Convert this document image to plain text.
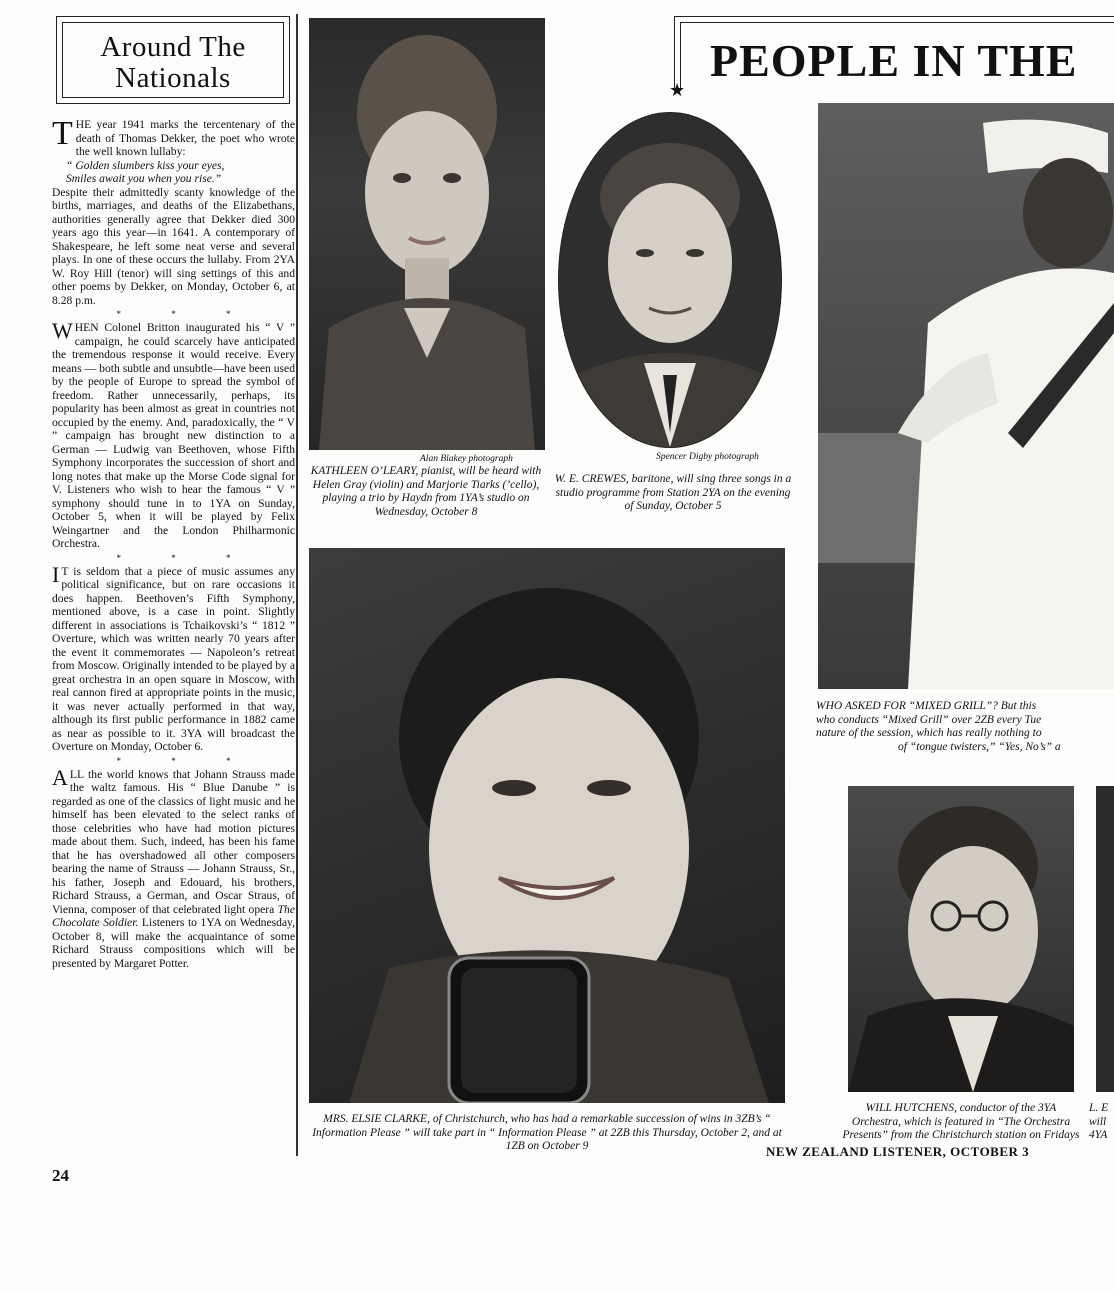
Around The
Nationals

THE year 1941 marks the tercentenary of the death of Thomas Dekker, the poet who wrote the well known lullaby:

“ Golden slumbers kiss your eyes,

Smiles await you when you rise.”

Despite their admittedly scanty knowledge of the births, marriages, and deaths of the Elizabethans, authorities generally agree that Dekker died 300 years ago this year—in 1641. A contemporary of Shakespeare, he left some neat verse and several plays. In one of these occurs the lullaby. From 2YA W. Roy Hill (tenor) will sing settings of this and other poems by Dekker, on Monday, October 6, at 8.28 p.m.

* * *

WHEN Colonel Britton inaugurated his “ V ” campaign, he could scarcely have anticipated the tremendous response it would receive. Every means — both subtle and unsubtle—have been used by the people of Europe to spread the symbol of freedom. Rather unnecessarily, perhaps, its popularity has been almost as great in countries not occupied by the enemy. And, paradoxically, the “ V ” campaign has brought new distinction to a German — Ludwig van Beethoven, whose Fifth Symphony incorporates the succession of short and long notes that make up the Morse Code signal for V. Listeners who wish to hear the famous “ V ” symphony should tune in to 1YA on Sunday, October 5, when it will be played by Felix Weingartner and the London Philharmonic Orchestra.

* * *

I T is seldom that a piece of music assumes any political significance, but on rare occasions it does happen. Beethoven’s Fifth Symphony, mentioned above, is a case in point. Slightly different in associations is Tchaikovski’s “ 1812 ” Overture, which was written nearly 70 years after the event it commemorates — Napoleon’s retreat from Moscow. Originally intended to be played by a great orchestra in an open square in Moscow, with real cannon fired at appropriate points in the music, it was never actually performed in that way, although its first public performance in 1882 came as near as possible to it. 3YA will broadcast the Overture on Monday, October 6.

* * *

ALL the world knows that Johann Strauss made the waltz famous. His “ Blue Danube ” is regarded as one of the classics of light music and he himself has been elevated to the select ranks of those celebrities who have had motion pictures made about them. Such, indeed, has been his fame that he has overshadowed all other composers bearing the name of Strauss — Johann Strauss, Sr., his father, Joseph and Edouard, his brothers, Richard Strauss, a German, and Oscar Straus, of Vienna, composer of that celebrated light opera The Chocolate Soldier. Listeners to 1YA on Wednesday, October 8, will make the acquaintance of some Richard Strauss compositions which will be presented by Margaret Potter.

Alan Blakey photograph
KATHLEEN O’LEARY, pianist, will be heard with Helen Gray (violin) and Marjorie Tiarks (’cello), playing a trio by Haydn from 1YA’s studio on Wednesday, October 8
Spencer Digby photograph
W. E. CREWES, baritone, will sing three songs in a studio programme from Station 2YA on the evening of Sunday, October 5
MRS. ELSIE CLARKE, of Christchurch, who has had a remarkable succession of wins in 3ZB’s “ Information Please ” will take part in “ Information Please ” at 2ZB this Thursday, October 2, and at 1ZB on October 9
PEOPLE IN THE
★
WHO ASKED FOR “MIXED GRILL”? But this
who conducts “Mixed Grill” over 2ZB every Tue
nature of the session, which has really nothing to
of “tongue twisters,” “Yes, No’s” a
WILL HUTCHENS, conductor of the 3YA Orchestra, which is featured in “The Orchestra Presents” from the Christchurch station on Fridays
L. E
will
4YA
24
NEW ZEALAND LISTENER, OCTOBER 3
